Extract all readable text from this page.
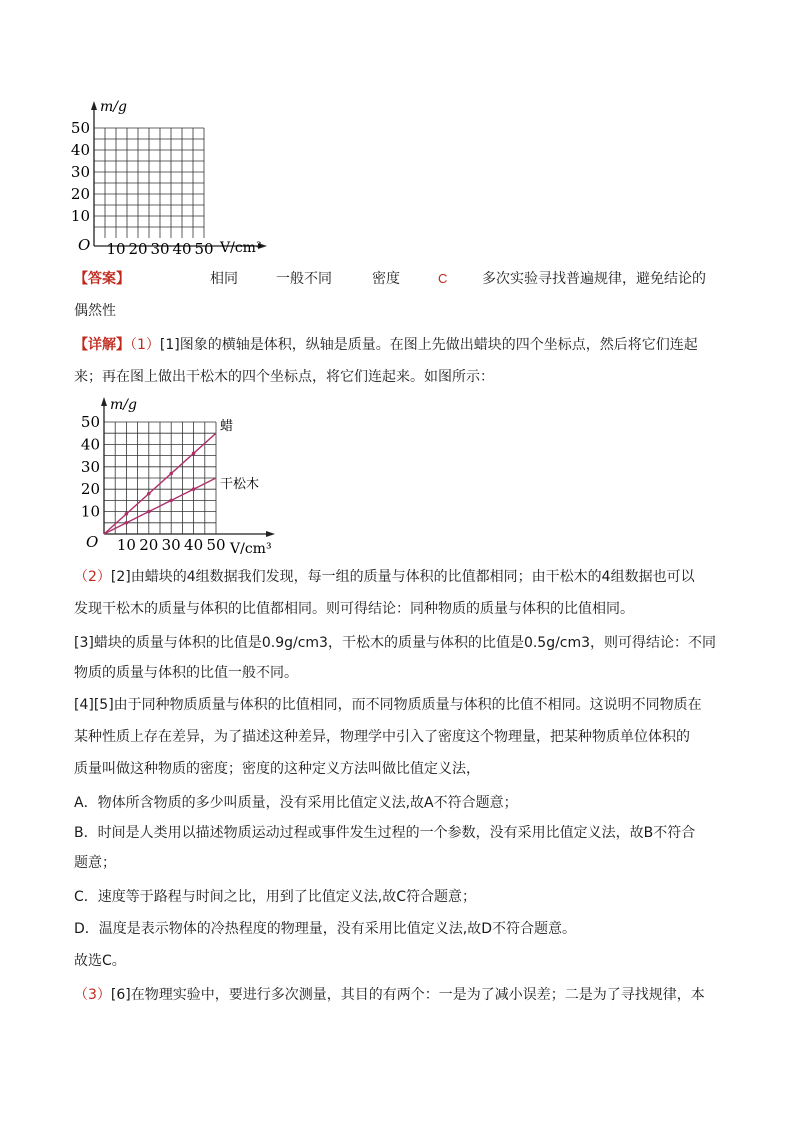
m/g
O
50
40
30
20
10
10 20 30 40 50 V/cm³
【答案】	相同	一般不同	密度	C 多次实验寻找普遍规律，避免结论的
偶然性
【详解】（1）[1]图象的横轴是体积，纵轴是质量。在图上先做出蜡块的四个坐标点，然后将它们连起
来；再在图上做出干松木的四个坐标点，将它们连起来。如图所示：
m/g
O
50
40
30
20
10
10 20 30 40 50 V/cm³
蜡
干松木
（2）[2]由蜡块的4组数据我们发现，每一组的质量与体积的比值都相同；由干松木的4组数据也可以
发现干松木的质量与体积的比值都相同。则可得结论：同种物质的质量与体积的比值相同。
[3]蜡块的质量与体积的比值是0.9g/cm3，干松木的质量与体积的比值是0.5g/cm3，则可得结论：不同
物质的质量与体积的比值一般不同。
[4][5]由于同种物质质量与体积的比值相同，而不同物质质量与体积的比值不相同。这说明不同物质在
某种性质上存在差异，为了描述这种差异，物理学中引入了密度这个物理量，把某种物质单位体积的
质量叫做这种物质的密度；密度的这种定义方法叫做比值定义法，
A．物体所含物质的多少叫质量，没有采用比值定义法,故A不符合题意；
B．时间是人类用以描述物质运动过程或事件发生过程的一个参数，没有采用比值定义法，故B不符合
题意；
C．速度等于路程与时间之比，用到了比值定义法,故C符合题意；
D．温度是表示物体的冷热程度的物理量，没有采用比值定义法,故D不符合题意。
故选C。
（3）[6]在物理实验中，要进行多次测量，其目的有两个：一是为了减小误差；二是为了寻找规律，本
